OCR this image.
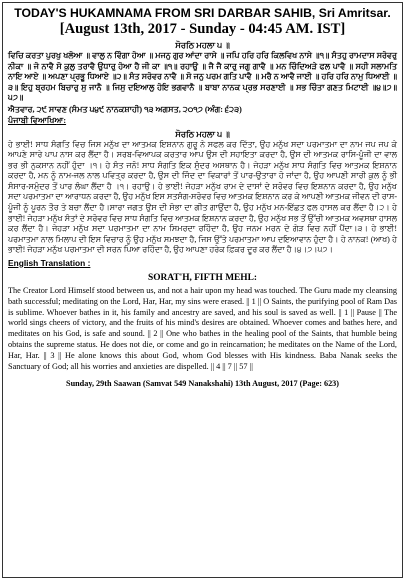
TODAY'S HUKAMNAMA FROM SRI DARBAR SAHIB, Sri Amritsar.
[August 13th, 2017 - Sunday - 04:45 AM. IST]
ਸੋਰਠਿ ਮਹਲਾ ੫ ॥
ਵਿਚਿ ਕਰਤਾ ਪੁਰਖੁ ਖਲੋਆ ॥ ਵਾਲੁ ਨ ਵਿੰਗਾ ਹੋਆ ॥ ਮਜਨੁ ਗੁਰ ਆਂਦਾ ਰਾਸੇ ॥ ਜਪਿ ਹਰਿ ਹਰਿ ਕਿਲਵਿਖ ਨਾਸੇ ॥੧॥ ਸੰਤਹੁ ਰਾਮਦਾਸ ਸਰੋਵਰੁ ਨੀਕਾ ॥ ਜੋ ਨਾਵੈ ਸੋ ਕੁਲੁ ਤਰਾਵੈ ਉਧਾਰੁ ਹੋਆ ਹੈ ਜੀ ਕਾ ॥੧॥ ਰਹਾਉ ॥ ਜੈ ਜੈ ਕਾਰੁ ਜਗੁ ਗਾਵੈ ॥ ਮਨ ਚਿੰਦਿਅੜੇ ਫਲ ਪਾਵੈ ॥ ਸਹੀ ਸਲਾਮਤਿ ਨਾਇ ਆਏ ॥ ਅਪਣਾ ਪ੍ਰਭੂ ਧਿਆਏ ॥੨॥ ਸੰਤ ਸਰੋਵਰ ਨਾਵੈ ॥ ਸੋ ਜਨੁ ਪਰਮ ਗਤਿ ਪਾਵੈ ॥ ਮਰੈ ਨ ਆਵੈ ਜਾਈ ॥ ਹਰਿ ਹਰਿ ਨਾਮੁ ਧਿਆਈ ॥੩॥ ਇਹੁ ਬ੍ਰਹਮ ਬਿਚਾਰੁ ਸੁ ਜਾਨੈ ॥ ਜਿਸੁ ਦਇਆਲੁ ਹੋਇ ਭਗਵਾਨੈ ॥ ਬਾਬਾ ਨਾਨਕ ਪ੍ਰਭ ਸਰਣਾਈ ॥ ਸਭ ਚਿੰਤਾ ਗਣਤ ਮਿਟਾਈ ॥੪॥੭॥੫੭॥
ਐਤਵਾਰ, ੨੯ ਸਾਵਣ (ਸੰਮਤ ੫੪੯ ਨਾਨਕਸ਼ਾਹੀ) ੧੩ ਅਗਸਤ, ੨੦੧੭ (ਅੰਗ: ੬੨੩)
ਪੰਜਾਬੀ ਵਿਆਖਿਆ:
ਸੋਰਠਿ ਮਹਲਾ ੫ ॥
ਹੇ ਭਾਈ! ਸਾਧ ਸੰਗਤਿ ਵਿਚ ਜਿਸ ਮਨੁੱਖ ਦਾ ਆਤਮਕ ਇਸ਼ਨਾਨ ਗੁਰੂ ਨੇ ਸਫਲ ਕਰ ਦਿੱਤਾ, ਉਹ ਮਨੁੱਖ ਸਦਾ ਪਰਮਾਤਮਾ ਦਾ ਨਾਮ ਜਪ ਜਪ ਕੇ ਆਪਣੇ ਸਾਰੇ ਪਾਪ ਨਾਸ ਕਰ ਲੈਂਦਾ ਹੈ। ਸਰਬ-ਵਿਆਪਕ ਕਰਤਾਰ ਆਪ ਉਸ ਦੀ ਸਹਾਇਤਾ ਕਰਦਾ ਹੈ, ਉਸ ਦੀ ਆਤਮਕ ਰਾਸਿ-ਪੂੰਜੀ ਦਾ ਵਾਲ ਭਰ ਭੀ ਨੁਕਸਾਨ ਨਹੀਂ ਹੁੰਦਾ ।੧। ਹੇ ਸੰਤ ਜਨੋ! ਸਾਧ ਸੰਗਤਿ ਇਕ ਸੁੰਦਰ ਅਸਥਾਨ ਹੈ। ਜੇਹੜਾ ਮਨੁੱਖ ਸਾਧ ਸੰਗਤਿ ਵਿਚ ਆਤਮਕ ਇਸ਼ਨਾਨ ਕਰਦਾ ਹੈ, ਮਨ ਨੂੰ ਨਾਮ-ਜਲ ਨਾਲ ਪਵਿਤ੍ਰ ਕਰਦਾ ਹੈ, ਉਸ ਦੀ ਜਿੰਦ ਦਾ ਵਿਕਾਰਾਂ ਤੋਂ ਪਾਰ-ਉਤਾਰਾ ਹੋ ਜਾਂਦਾ ਹੈ, ਉਹ ਆਪਣੀ ਸਾਰੀ ਕੁਲ ਨੂੰ ਭੀ ਸੰਸਾਰ-ਸਮੁੰਦਰ ਤੋਂ ਪਾਰ ਲੰਘਾ ਲੈਂਦਾ ਹੈ ।੧। ਰਹਾਉ। ਹੇ ਭਾਈ! ਜੇਹੜਾ ਮਨੁੱਖ ਰਾਮ ਦੇ ਦਾਸਾਂ ਦੇ ਸਰੋਵਰ ਵਿਚ ਇਸ਼ਨਾਨ ਕਰਦਾ ਹੈ, ਉਹ ਮਨੁੱਖ ਸਦਾ ਪਰਮਾਤਮਾ ਦਾ ਆਰਾਧਨ ਕਰਦਾ ਹੈ, ਉਹ ਮਨੁੱਖ ਇਸ ਸਤਸੰਗ-ਸਰੋਵਰ ਵਿਚ ਆਤਮਕ ਇਸ਼ਨਾਨ ਕਰ ਕੇ ਆਪਣੀ ਆਤਮਕ ਜੀਵਨ ਦੀ ਰਾਸ-ਪੂੰਜੀ ਨੂੰ ਪੂਰਨ ਤੌਰ ਤੇ ਬਚਾ ਲੈਂਦਾ ਹੈ।ਸਾਰਾ ਜਗਤ ਉਸ ਦੀ ਸੋਭਾ ਦਾ ਗੀਤ ਗਾਉਂਦਾ ਹੈ, ਉਹ ਮਨੁੱਖ ਮਨ-ਇੱਛਤ ਫਲ ਹਾਸਲ ਕਰ ਲੈਂਦਾ ਹੈ।੨। ਹੇ ਭਾਈ! ਜੇਹੜਾ ਮਨੁੱਖ ਸੰਤਾਂ ਦੇ ਸਰੋਵਰ ਵਿਚ ਸਾਧ ਸੰਗਤਿ ਵਿਚ ਆਤਮਕ ਇਸ਼ਨਾਨ ਕਰਦਾ ਹੈ, ਉਹ ਮਨੁੱਖ ਸਭ ਤੋਂ ਉੱਚੀ ਆਤਮਕ ਅਵਸਥਾ ਹਾਸਲ ਕਰ ਲੈਂਦਾ ਹੈ। ਜੇਹੜਾ ਮਨੁੱਖ ਸਦਾ ਪਰਮਾਤਮਾ ਦਾ ਨਾਮ ਸਿਮਰਦਾ ਰਹਿੰਦਾ ਹੈ, ਉਹ ਜਨਮ ਮਰਨ ਦੇ ਗੇੜ ਵਿਚ ਨਹੀਂ ਪੈਂਦਾ।੩। ਹੇ ਭਾਈ! ਪਰਮਾਤਮਾ ਨਾਲ ਮਿਲਾਪ ਦੀ ਇਸ ਵਿਚਾਰ ਨੂੰ ਉਹ ਮਨੁੱਖ ਸਮਝਦਾ ਹੈ, ਜਿਸ ਉੱਤੇ ਪਰਮਾਤਮਾ ਆਪ ਦਇਆਵਾਨ ਹੁੰਦਾ ਹੈ। ਹੇ ਨਾਨਕ! (ਆਖ) ਹੇ ਭਾਈ! ਜੇਹੜਾ ਮਨੁੱਖ ਪਰਮਾਤਮਾ ਦੀ ਸਰਨ ਪਿਆ ਰਹਿੰਦਾ ਹੈ, ਉਹ ਆਪਣਾ ਹਰੇਕ ਫ਼ਿਕਰ ਦੂਰ ਕਰ ਲੈਂਦਾ ਹੈ।੪।੭।੫੭।
English Translation :
SORAT'H, FIFTH MEHL:
The Creator Lord Himself stood between us, and not a hair upon my head was touched. The Guru made my cleansing bath successful; meditating on the Lord, Har, Har, my sins were erased. || 1 || O Saints, the purifying pool of Ram Das is sublime. Whoever bathes in it, his family and ancestry are saved, and his soul is saved as well. || 1 || Pause || The world sings cheers of victory, and the fruits of his mind's desires are obtained. Whoever comes and bathes here, and meditates on his God, is safe and sound. || 2 || One who bathes in the healing pool of the Saints, that humble being obtains the supreme status. He does not die, or come and go in reincarnation; he meditates on the Name of the Lord, Har, Har. || 3 || He alone knows this about God, whom God blesses with His kindness. Baba Nanak seeks the Sanctuary of God; all his worries and anxieties are dispelled. || 4 || 7 || 57 ||
Sunday, 29th Saawan (Samvat 549 Nanakshahi) 13th August, 2017 (Page: 623)
